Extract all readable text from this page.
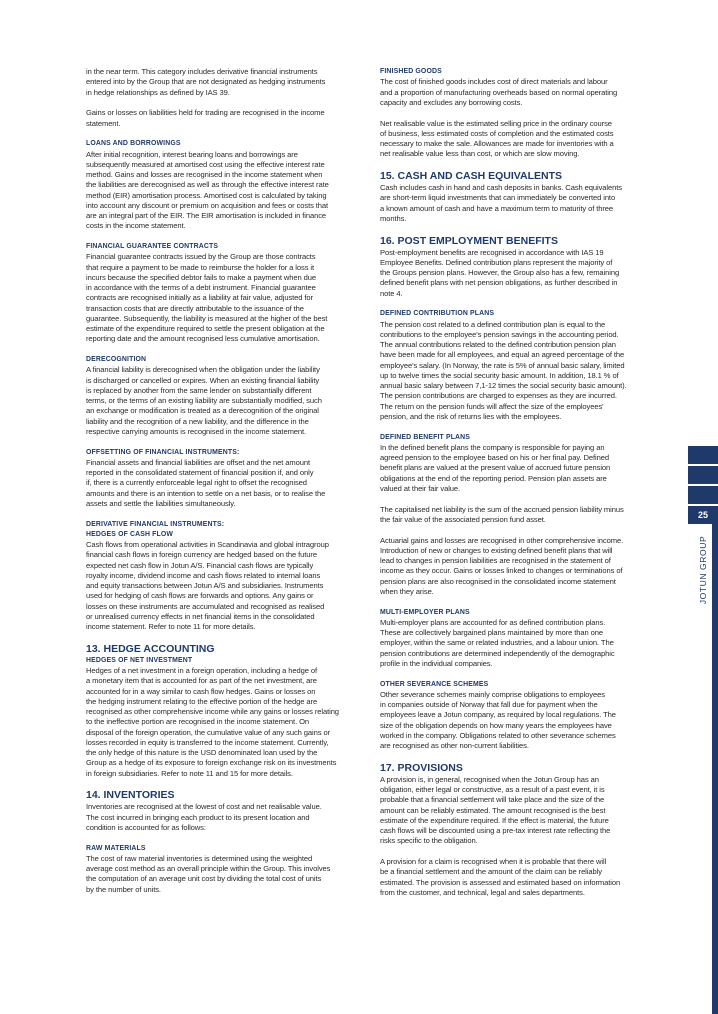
in the near term. This category includes derivative financial instruments
entered into by the Group that are not designated as hedging instruments
in hedge relationships as defined by IAS 39.

Gains or losses on liabilities held for trading are recognised in the income
statement.

LOANS AND BORROWINGS

After initial recognition, interest bearing loans and borrowings are
subsequently measured at amortised cost using the effective interest rate
method. Gains and losses are recognised in the income statement when
the liabilities are derecognised as well as through the effective interest rate
method (EIR) amortisation process. Amortised cost is calculated by taking
into account any discount or premium on acquisition and fees or costs that
are an integral part of the EIR. The EIR amortisation is included in finance
costs in the income statement.

FINANCIAL GUARANTEE CONTRACTS

Financial guarantee contracts issued by the Group are those contracts
that require a payment to be made to reimburse the holder for a loss it
incurs because the specified debtor fails to make a payment when due
in accordance with the terms of a debt instrument. Financial guarantee
contracts are recognised initially as a liability at fair value, adjusted for
transaction costs that are directly attributable to the issuance of the
guarantee. Subsequently, the liability is measured at the higher of the best
estimate of the expenditure required to settle the present obligation at the
reporting date and the amount recognised less cumulative amortisation.

DERECOGNITION

A financial liability is derecognised when the obligation under the liability
is discharged or cancelled or expires. When an existing financial liability
is replaced by another from the same lender on substantially different
terms, or the terms of an existing liability are substantially modified, such
an exchange or modification is treated as a derecognition of the original
liability and the recognition of a new liability, and the difference in the
respective carrying amounts is recognised in the income statement.

OFFSETTING OF FINANCIAL INSTRUMENTS:

Financial assets and financial liabilities are offset and the net amount
reported in the consolidated statement of financial position if, and only
if, there is a currently enforceable legal right to offset the recognised
amounts and there is an intention to settle on a net basis, or to realise the
assets and settle the liabilities simultaneously.

DERIVATIVE FINANCIAL INSTRUMENTS:
HEDGES OF CASH FLOW

Cash flows from operational activities in Scandinavia and global intragroup
financial cash flows in foreign currency are hedged based on the future
expected net cash flow in Jotun A/S. Financial cash flows are typically
royalty income, dividend income and cash flows related to internal loans
and equity transactions between Jotun A/S and subsidiaries. Instruments
used for hedging of cash flows are forwards and options. Any gains or
losses on these instruments are accumulated and recognised as realised
or unrealised currency effects in net financial items in the consolidated
income statement. Refer to note 11 for more details.

13. HEDGE ACCOUNTING
HEDGES OF NET INVESTMENT

Hedges of a net investment in a foreign operation, including a hedge of
a monetary item that is accounted for as part of the net investment, are
accounted for in a way similar to cash flow hedges. Gains or losses on
the hedging instrument relating to the effective portion of the hedge are
recognised as other comprehensive income while any gains or losses relating
to the ineffective portion are recognised in the income statement. On
disposal of the foreign operation, the cumulative value of any such gains or
losses recorded in equity is transferred to the income statement. Currently,
the only hedge of this nature is the USD denominated loan used by the
Group as a hedge of its exposure to foreign exchange risk on its investments
in foreign subsidiaries. Refer to note 11 and 15 for more details.

14. INVENTORIES

Inventories are recognised at the lowest of cost and net realisable value.
The cost incurred in bringing each product to its present location and
condition is accounted for as follows:

RAW MATERIALS

The cost of raw material inventories is determined using the weighted
average cost method as an overall principle within the Group. This involves
the computation of an average unit cost by dividing the total cost of units
by the number of units.

FINISHED GOODS

The cost of finished goods includes cost of direct materials and labour
and a proportion of manufacturing overheads based on normal operating
capacity and excludes any borrowing costs.

Net realisable value is the estimated selling price in the ordinary course
of business, less estimated costs of completion and the estimated costs
necessary to make the sale. Allowances are made for inventories with a
net realisable value less than cost, or which are slow moving.

15. CASH AND CASH EQUIVALENTS

Cash includes cash in hand and cash deposits in banks. Cash equivalents
are short-term liquid investments that can immediately be converted into
a known amount of cash and have a maximum term to maturity of three
months.

16. POST EMPLOYMENT BENEFITS

Post-employment benefits are recognised in accordance with IAS 19
Employee Benefits. Defined contribution plans represent the majority of
the Groups pension plans. However, the Group also has a few, remaining
defined benefit plans with net pension obligations, as further described in
note 4.

DEFINED CONTRIBUTION PLANS

The pension cost related to a defined contribution plan is equal to the
contributions to the employee's pension savings in the accounting period.
The annual contributions related to the defined contribution pension plan
have been made for all employees, and equal an agreed percentage of the
employee's salary. (In Norway, the rate is 5% of annual basic salary, limited
up to twelve times the social security basic amount. In addition, 18.1 % of
annual basic salary between 7,1-12 times the social security basic amount).
The pension contributions are charged to expenses as they are incurred.
The return on the pension funds will affect the size of the employees'
pension, and the risk of returns lies with the employees.

DEFINED BENEFIT PLANS

In the defined benefit plans the company is responsible for paying an
agreed pension to the employee based on his or her final pay. Defined
benefit plans are valued at the present value of accrued future pension
obligations at the end of the reporting period. Pension plan assets are
valued at their fair value.

The capitalised net liability is the sum of the accrued pension liability minus
the fair value of the associated pension fund asset.

Actuarial gains and losses are recognised in other comprehensive income.
Introduction of new or changes to existing defined benefit plans that will
lead to changes in pension liabilities are recognised in the statement of
income as they occur. Gains or losses linked to changes or terminations of
pension plans are also recognised in the consolidated income statement
when they arise.

MULTI-EMPLOYER PLANS

Multi-employer plans are accounted for as defined contribution plans.
These are collectively bargained plans maintained by more than one
employer, within the same or related industries, and a labour union. The
pension contributions are determined independently of the demographic
profile in the individual companies.

OTHER SEVERANCE SCHEMES

Other severance schemes mainly comprise obligations to employees
in companies outside of Norway that fall due for payment when the
employees leave a Jotun company, as required by local regulations. The
size of the obligation depends on how many years the employees have
worked in the company. Obligations related to other severance schemes
are recognised as other non-current liabilities.

17. PROVISIONS

A provision is, in general, recognised when the Jotun Group has an
obligation, either legal or constructive, as a result of a past event, it is
probable that a financial settlement will take place and the size of the
amount can be reliably estimated. The amount recognised is the best
estimate of the expenditure required. If the effect is material, the future
cash flows will be discounted using a pre-tax interest rate reflecting the
risks specific to the obligation.

A provision for a claim is recognised when it is probable that there will
be a financial settlement and the amount of the claim can be reliably
estimated. The provision is assessed and estimated based on information
from the customer, and technical, legal and sales departments.

25
JOTUN GROUP
